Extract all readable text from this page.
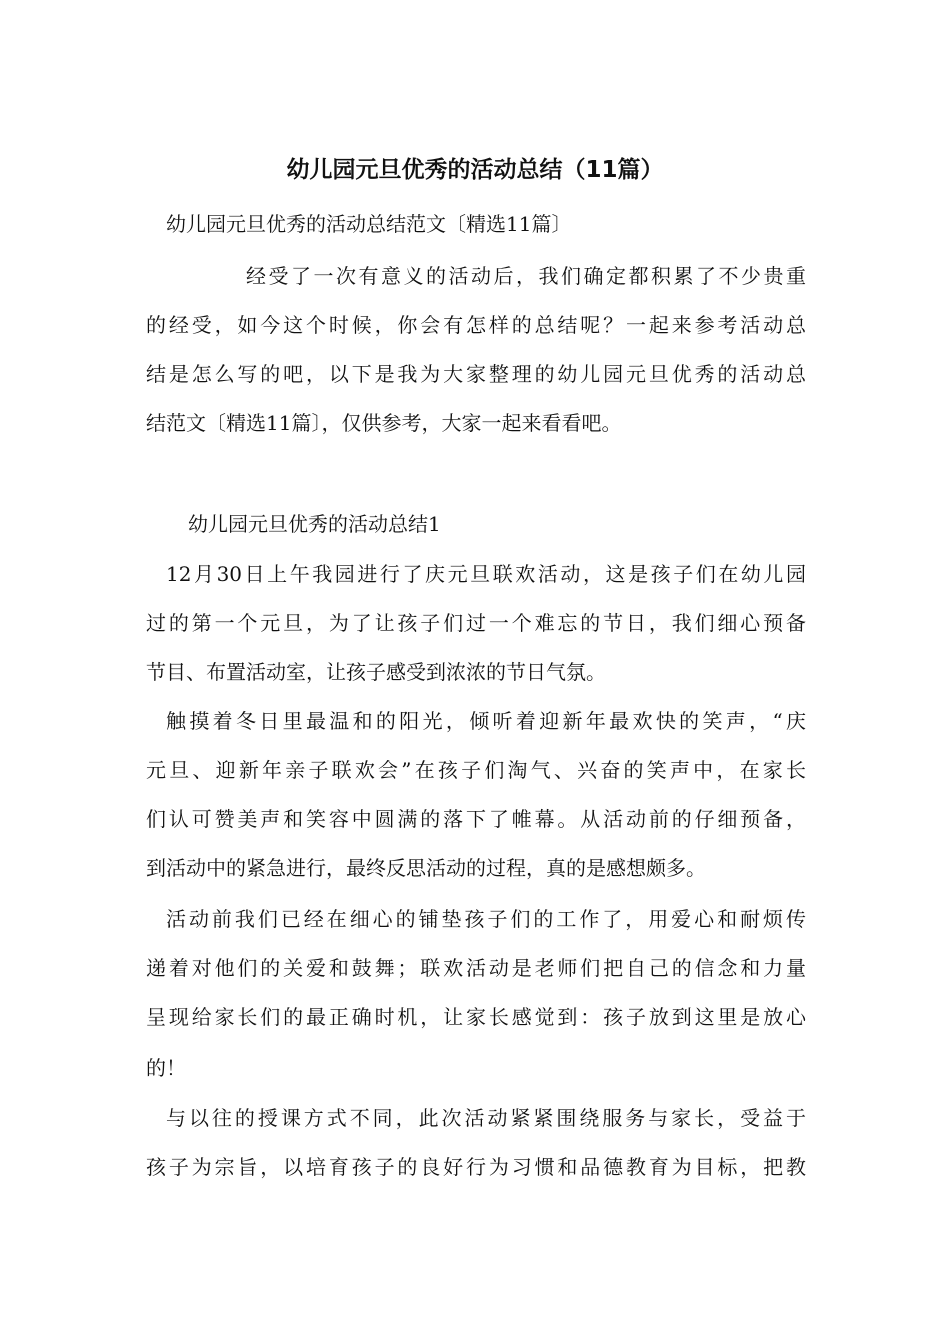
幼儿园元旦优秀的活动总结（11篇）
幼儿园元旦优秀的活动总结范文〔精选11篇〕
经受了一次有意义的活动后，我们确定都积累了不少贵重
的经受，如今这个时候，你会有怎样的总结呢？一起来参考活动总
结是怎么写的吧，以下是我为大家整理的幼儿园元旦优秀的活动总
结范文〔精选11篇〕，仅供参考，大家一起来看看吧。
幼儿园元旦优秀的活动总结1
12月30日上午我园进行了庆元旦联欢活动，这是孩子们在幼儿园
过的第一个元旦，为了让孩子们过一个难忘的节日，我们细心预备
节目、布置活动室，让孩子感受到浓浓的节日气氛。
触摸着冬日里最温和的阳光，倾听着迎新年最欢快的笑声，“庆
元旦、迎新年亲子联欢会”在孩子们淘气、兴奋的笑声中，在家长
们认可赞美声和笑容中圆满的落下了帷幕。从活动前的仔细预备，
到活动中的紧急进行，最终反思活动的过程，真的是感想颇多。
活动前我们已经在细心的铺垫孩子们的工作了，用爱心和耐烦传
递着对他们的关爱和鼓舞；联欢活动是老师们把自己的信念和力量
呈现给家长们的最正确时机，让家长感觉到：孩子放到这里是放心
的！
与以往的授课方式不同，此次活动紧紧围绕服务与家长，受益于
孩子为宗旨，以培育孩子的良好行为习惯和品德教育为目标，把教
